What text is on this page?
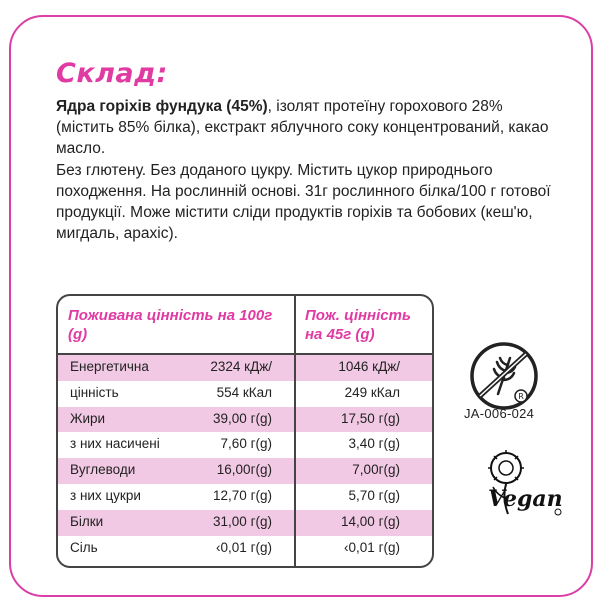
Склад:

Ядра горіхів фундука (45%), ізолят протеїну горохового 28% (містить 85% білка), екстракт яблучного соку концентрований, какао масло.

Без глютену. Без доданого цукру. Містить цукор природнього походження. На рослинній основі. 31г рослинного білка/100 г готової продукції. Може містити сліди продуктів горіхів та бобових (кеш'ю, мигдаль, арахіс).

Поживана цінність на 100г (g)
Пож. цінність на 45г (g)
Енергетична	2324 кДж/	1046 кДж/
цінність	554 кКал	249 кКал
Жири	39,00 г(g)	17,50 г(g)
з них насичені	7,60 г(g)	3,40 г(g)
Вуглеводи	16,00г(g)	7,00г(g)
з них цукри	12,70 г(g)	5,70 г(g)
Білки	31,00 г(g)	14,00 г(g)
Сіль	‹0,01 г(g)	‹0,01 г(g)
R
JA-006-024
Vegan
